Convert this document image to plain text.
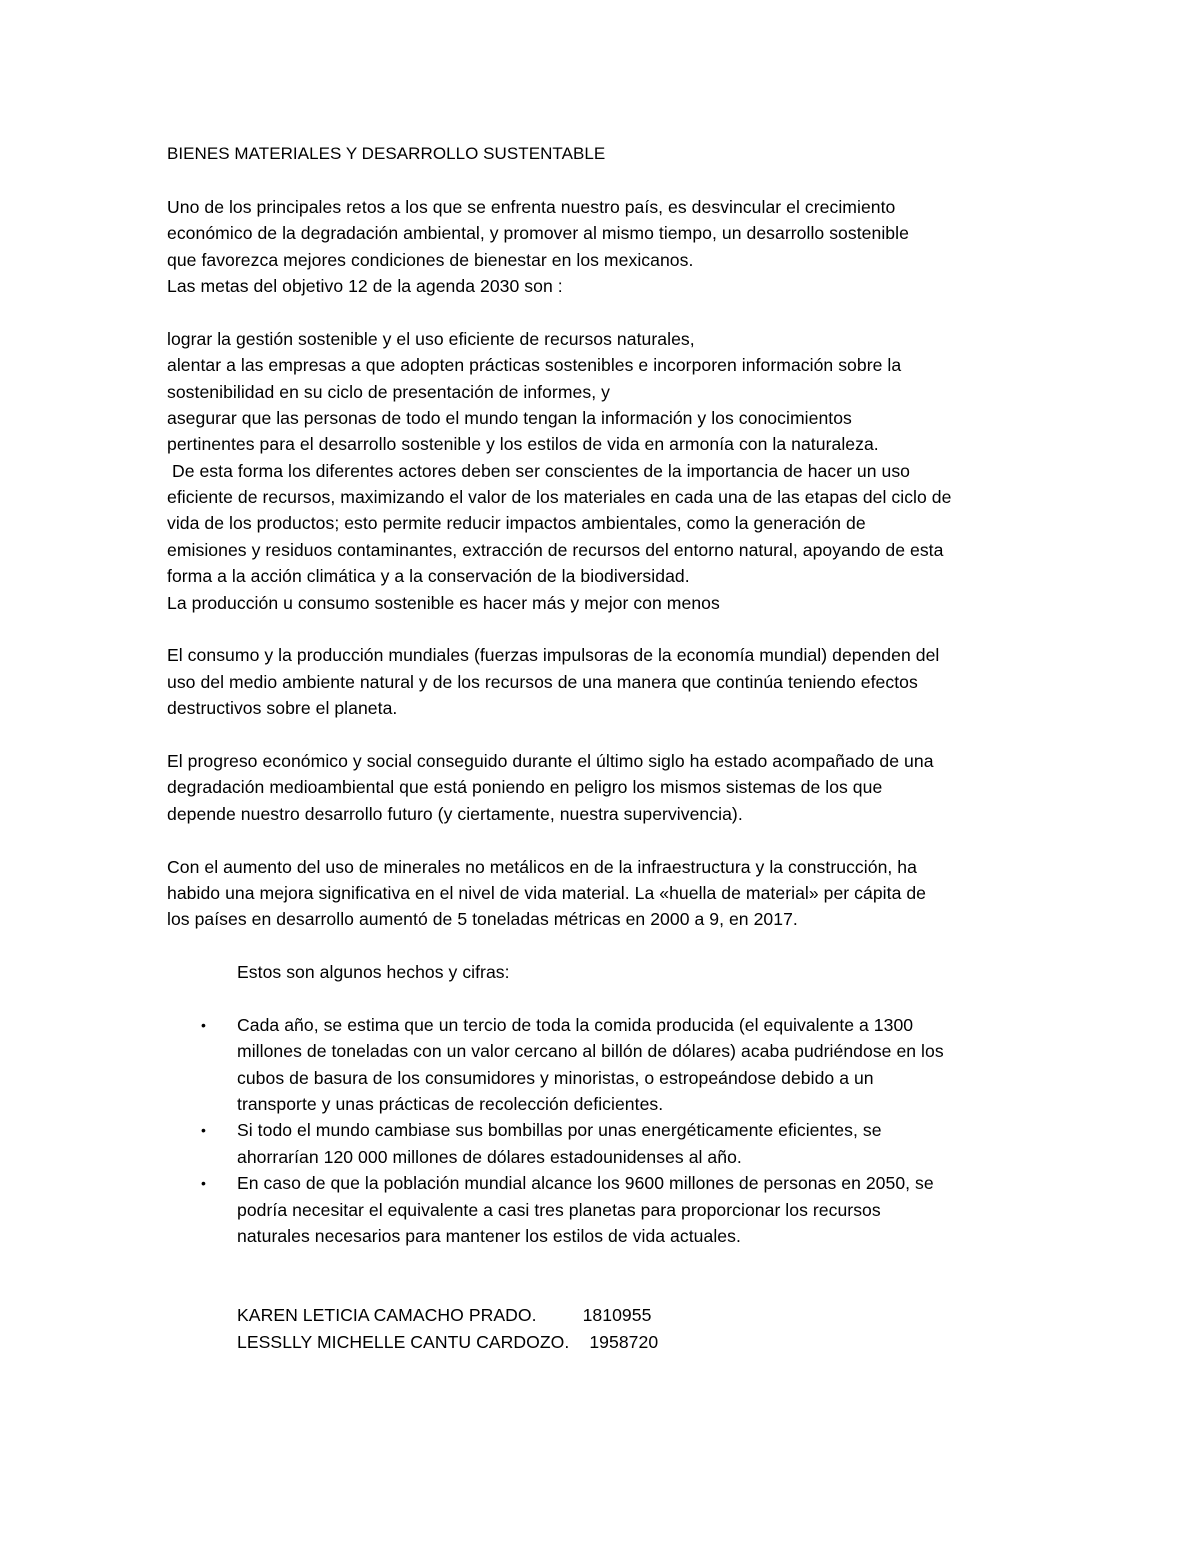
BIENES MATERIALES Y DESARROLLO SUSTENTABLE
Uno de los principales retos a los que se enfrenta nuestro país, es desvincular el crecimiento
económico de la degradación ambiental, y promover al mismo tiempo, un desarrollo sostenible
que favorezca mejores condiciones de bienestar en los mexicanos.
Las metas del objetivo 12 de la agenda 2030 son :
lograr la gestión sostenible y el uso eficiente de recursos naturales,
alentar a las empresas a que adopten prácticas sostenibles e incorporen información sobre la
sostenibilidad en su ciclo de presentación de informes, y
asegurar que las personas de todo el mundo tengan la información y los conocimientos
pertinentes para el desarrollo sostenible y los estilos de vida en armonía con la naturaleza.
De esta forma los diferentes actores deben ser conscientes de la importancia de hacer un uso
eficiente de recursos, maximizando el valor de los materiales en cada una de las etapas del ciclo de
vida de los productos; esto permite reducir impactos ambientales, como la generación de
emisiones y residuos contaminantes, extracción de recursos del entorno natural, apoyando de esta
forma a la acción climática y a la conservación de la biodiversidad.
La producción u consumo sostenible es hacer más y mejor con menos
El consumo y la producción mundiales (fuerzas impulsoras de la economía mundial) dependen del
uso del medio ambiente natural y de los recursos de una manera que continúa teniendo efectos
destructivos sobre el planeta.
El progreso económico y social conseguido durante el último siglo ha estado acompañado de una
degradación medioambiental que está poniendo en peligro los mismos sistemas de los que
depende nuestro desarrollo futuro (y ciertamente, nuestra supervivencia).
Con el aumento del uso de minerales no metálicos en de la infraestructura y la construcción, ha
habido una mejora significativa en el nivel de vida material. La «huella de material» per cápita de
los países en desarrollo aumentó de 5 toneladas métricas en 2000 a 9, en 2017.
Estos son algunos hechos y cifras:
• Cada año, se estima que un tercio de toda la comida producida (el equivalente a 1300
millones de toneladas con un valor cercano al billón de dólares) acaba pudriéndose en los
cubos de basura de los consumidores y minoristas, o estropeándose debido a un
transporte y unas prácticas de recolección deficientes.
• Si todo el mundo cambiase sus bombillas por unas energéticamente eficientes, se
ahorrarían 120 000 millones de dólares estadounidenses al año.
• En caso de que la población mundial alcance los 9600 millones de personas en 2050, se
podría necesitar el equivalente a casi tres planetas para proporcionar los recursos
naturales necesarios para mantener los estilos de vida actuales.
KAREN LETICIA CAMACHO PRADO.	1810955
LESSLLY MICHELLE CANTU CARDOZO. 1958720
